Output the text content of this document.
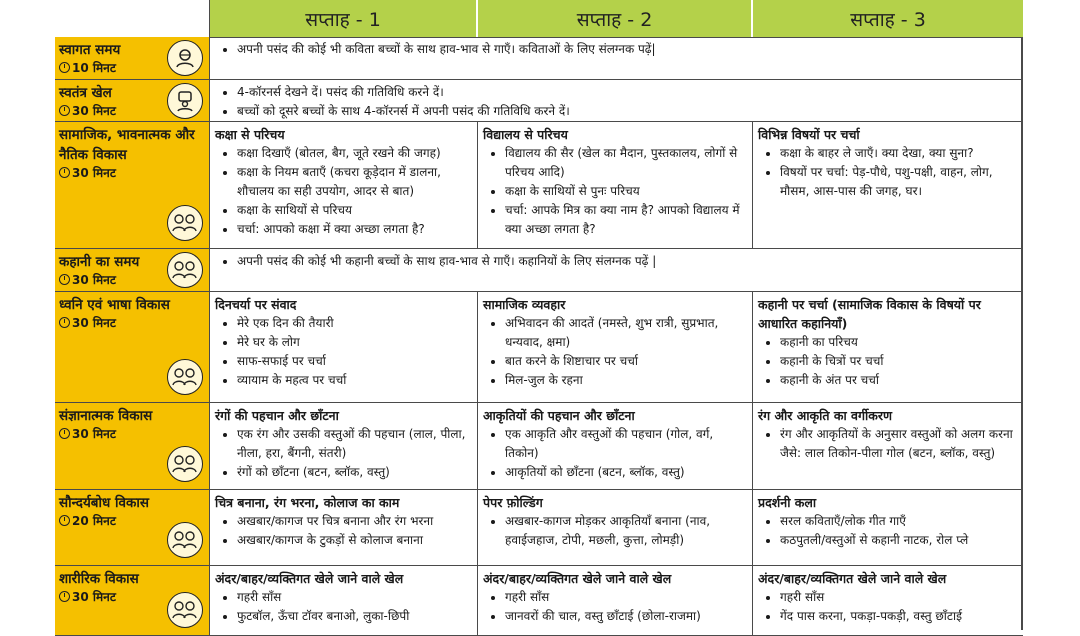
सप्ताह - 1	सप्ताह - 2	सप्ताह - 3
स्वागत समय
10 मिनट
• अपनी पसंद की कोई भी कविता बच्चों के साथ हाव-भाव से गाएँ। कविताओं के लिए संलग्नक पढ़ें|
स्वतंत्र खेल
30 मिनट
• 4-कॉरनर्स देखने दें। पसंद की गतिविधि करने दें।
• बच्चों को दूसरे बच्चों के साथ 4-कॉरनर्स में अपनी पसंद की गतिविधि करने दें।
सामाजिक, भावनात्मक और नैतिक विकास
30 मिनट
कक्षा से परिचय
• कक्षा दिखाएँ (बोतल, बैग, जूते रखने की जगह)
• कक्षा के नियम बताएँ (कचरा कूड़ेदान में डालना, शौचालय का सही उपयोग, आदर से बात)
• कक्षा के साथियों से परिचय
• चर्चा: आपको कक्षा में क्या अच्छा लगता है?
विद्यालय से परिचय
• विद्यालय की सैर (खेल का मैदान, पुस्तकालय, लोगों से परिचय आदि)
• कक्षा के साथियों से पुनः परिचय
• चर्चा: आपके मित्र का क्या नाम है? आपको विद्यालय में क्या अच्छा लगता है?
विभिन्न विषयों पर चर्चा
• कक्षा के बाहर ले जाएँ। क्या देखा, क्या सुना?
• विषयों पर चर्चा: पेड़-पौधे, पशु-पक्षी, वाहन, लोग, मौसम, आस-पास की जगह, घर।
कहानी का समय
30 मिनट
• अपनी पसंद की कोई भी कहानी बच्चों के साथ हाव-भाव से गाएँ। कहानियों के लिए संलग्नक पढ़ें |
ध्वनि एवं भाषा विकास
30 मिनट
दिनचर्या पर संवाद
• मेरे एक दिन की तैयारी
• मेरे घर के लोग
• साफ-सफाई पर चर्चा
• व्यायाम के महत्व पर चर्चा
सामाजिक व्यवहार
• अभिवादन की आदतें (नमस्ते, शुभ रात्री, सुप्रभात, धन्यवाद, क्षमा)
• बात करने के शिष्टाचार पर चर्चा
• मिल-जुल के रहना
कहानी पर चर्चा (सामाजिक विकास के विषयों पर आधारित कहानियाँ)
• कहानी का परिचय
• कहानी के चित्रों पर चर्चा
• कहानी के अंत पर चर्चा
संज्ञानात्मक विकास
30 मिनट
रंगों की पहचान और छाँटना
• एक रंग और उसकी वस्तुओं की पहचान (लाल, पीला, नीला, हरा, बैंगनी, संतरी)
• रंगों को छाँटना (बटन, ब्लॉक, वस्तु)
आकृतियों की पहचान और छाँटना
• एक आकृति और वस्तुओं की पहचान (गोल, वर्ग, तिकोन)
• आकृतियों को छाँटना (बटन, ब्लॉक, वस्तु)
रंग और आकृति का वर्गीकरण
• रंग और आकृतियों के अनुसार वस्तुओं को अलग करना जैसे: लाल तिकोन-पीला गोल (बटन, ब्लॉक, वस्तु)
सौन्दर्यबोध विकास
20 मिनट
चित्र बनाना, रंग भरना, कोलाज का काम
• अखबार/कागज पर चित्र बनाना और रंग भरना
• अखबार/कागज के टुकड़ों से कोलाज बनाना
पेपर फ़ोल्डिंग
• अखबार-कागज मोड़कर आकृतियाँ बनाना (नाव, हवाईजहाज, टोपी, मछली, कुत्ता, लोमड़ी)
प्रदर्शनी कला
• सरल कविताएँ/लोक गीत गाएँ
• कठपुतली/वस्तुओं से कहानी नाटक, रोल प्ले
शारीरिक विकास
30 मिनट
अंदर/बाहर/व्यक्तिगत खेले जाने वाले खेल
• गहरी साँस
• फुटबॉल, ऊँचा टॉवर बनाओ, लुका-छिपी
अंदर/बाहर/व्यक्तिगत खेले जाने वाले खेल
• गहरी साँस
• जानवरों की चाल, वस्तु छाँटाई (छोला-राजमा)
अंदर/बाहर/व्यक्तिगत खेले जाने वाले खेल
• गहरी साँस
• गेंद पास करना, पकड़ा-पकड़ी, वस्तु छाँटाई
